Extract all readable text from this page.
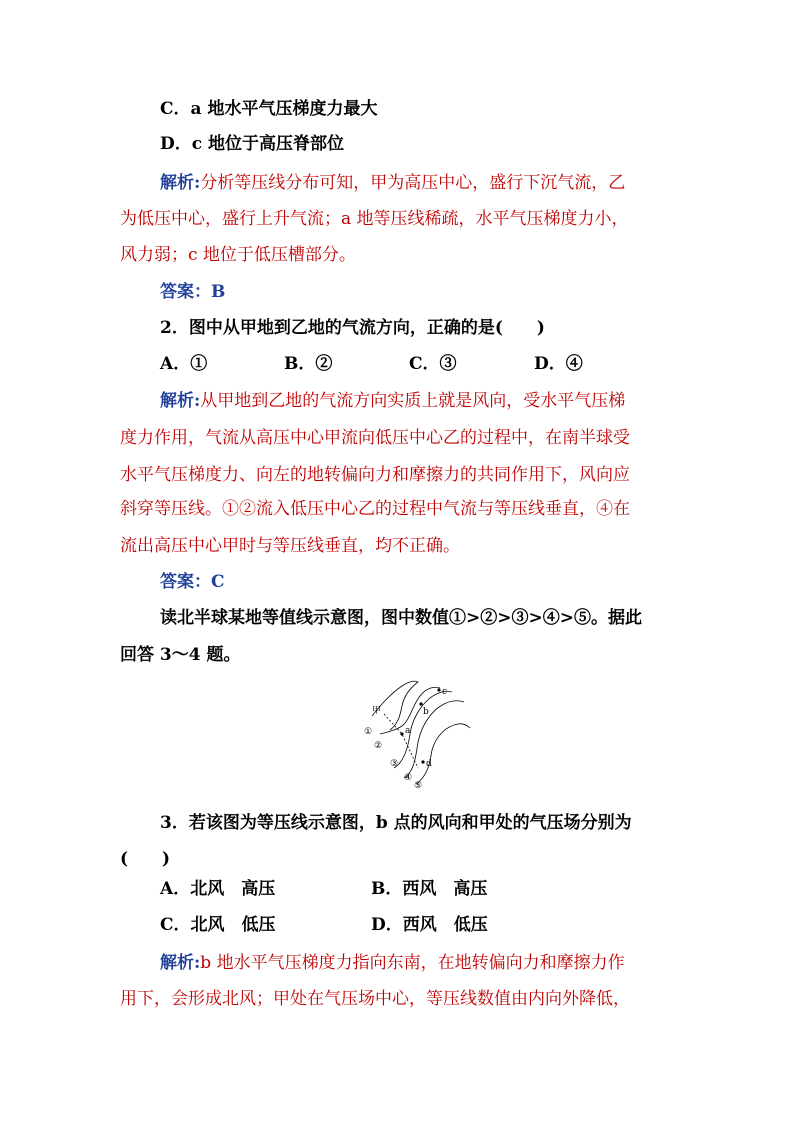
C．a 地水平气压梯度力最大
D．c 地位于高压脊部位
解析:分析等压线分布可知，甲为高压中心，盛行下沉气流，乙
为低压中心，盛行上升气流；a 地等压线稀疏，水平气压梯度力小，
风力弱；c 地位于低压槽部分。
答案：B
2．图中从甲地到乙地的气流方向，正确的是(　　)
A．①	B．②	C．③	D．④
解析:从甲地到乙地的气流方向实质上就是风向，受水平气压梯
度力作用，气流从高压中心甲流向低压中心乙的过程中，在南半球受
水平气压梯度力、向左的地转偏向力和摩擦力的共同作用下，风向应
斜穿等压线。①②流入低压中心乙的过程中气流与等压线垂直，④在
流出高压中心甲时与等压线垂直，均不正确。
答案：C
读北半球某地等值线示意图，图中数值①>②>③>④>⑤。据此
回答 3～4 题。
甲
a
b
c
d
①
②
③
④
⑤
3．若该图为等压线示意图，b 点的风向和甲处的气压场分别为
(　　)
A．北风　高压	B．西风　高压
C．北风　低压	D．西风　低压
解析:b 地水平气压梯度力指向东南，在地转偏向力和摩擦力作
用下，会形成北风；甲处在气压场中心，等压线数值由内向外降低，
